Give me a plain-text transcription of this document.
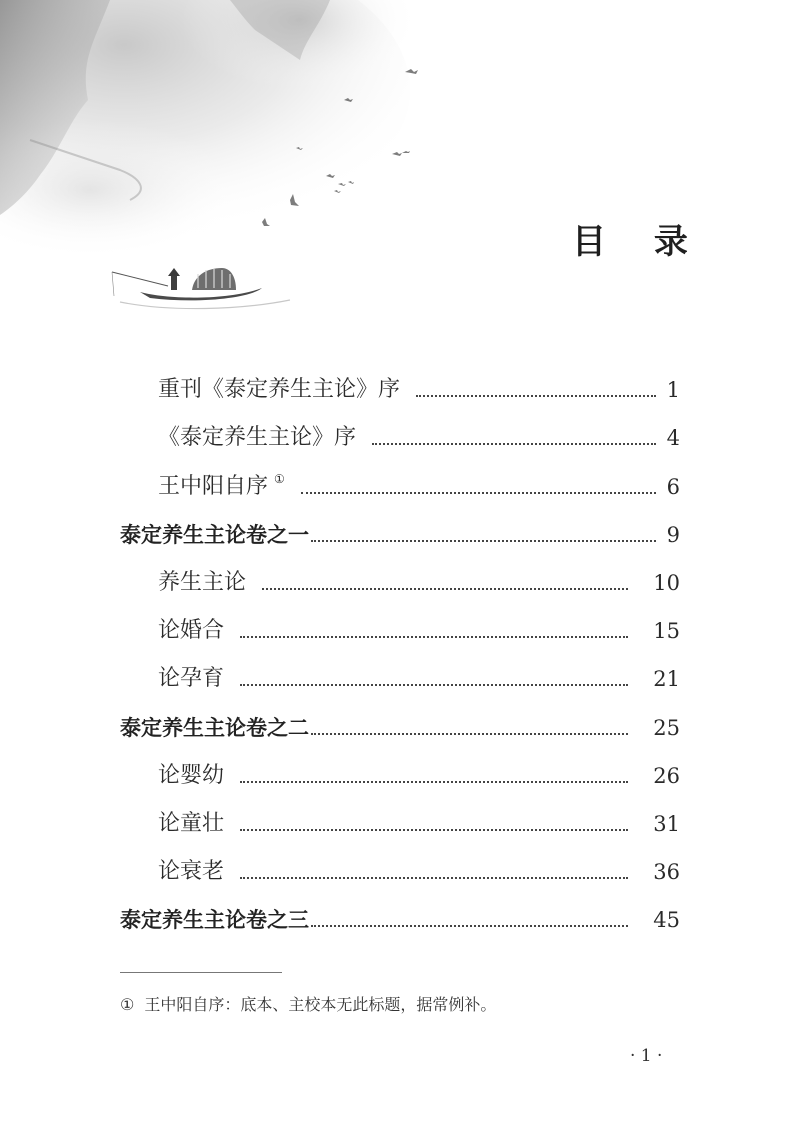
目 录
重刊《泰定养生主论》序	1
《泰定养生主论》序	4
王中阳自序 ①	6
泰定养生主论卷之一	9
养生主论	10
论婚合	15
论孕育	21
泰定养生主论卷之二	25
论婴幼	26
论童壮	31
论衰老	36
泰定养生主论卷之三	45
① 王中阳自序：底本、主校本无此标题，据常例补。
· 1 ·
